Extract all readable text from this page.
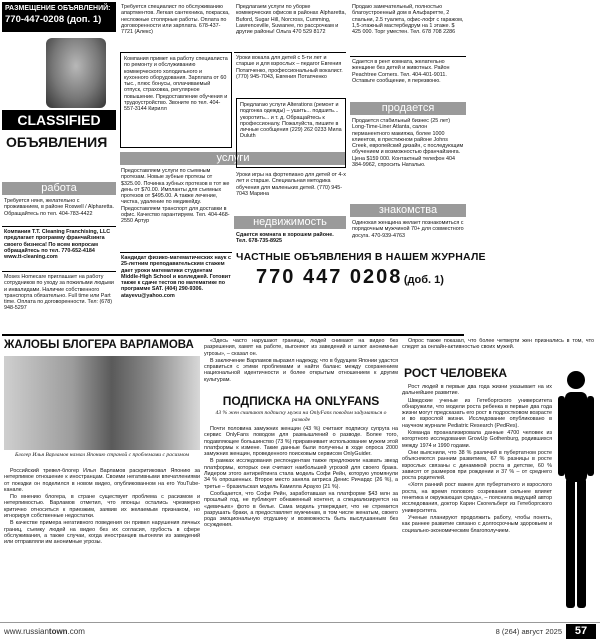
РАЗМЕЩЕНИЕ ОБЪЯВЛЕНИЙ:
770-447-0208 (доп. 1)
CLASSIFIED
ОБЪЯВЛЕНИЯ
работа
Требуется няня, желательно с проживанием, в районе Roswell / Alpharetta. Обращайтесь по тел. 404-783-4422
Компания T.T. Cleaning Franchising, LLC предлагает программу франчайзинга своего бизнеса! По всем вопросам обращайтесь по тел. 770-652-4184 www.tt-cleaning.com
Moses Homecare приглашает на работу сотрудников по уходу за пожилыми людьми и инвалидами. Наличие собственного транспорта обязательно. Full time или Part time. Оплата по договоренности. Тел: (678) 948-5297
Требуется специалист по обслуживанию апартментов. Легкая сантехника, покраска, несложные столярные работы. Оплата по договоренности или зарплата. 678-437-7721 (Алекс)
Компания примет на работу специалиста по ремонту и обслуживанию коммерческого холодильного и кухонного оборудования. Зарплата от 60 тыс., плюс бонусы, оплачиваемый отпуск, страховка, регулярное повышение. Предоставление обучения и трудоустройство. Звоните по тел. 404-557-3144 Кирилл
услуги
Предоставляем услуги по съемным протезам. Новые зубные протезы от $325.00. Починка зубных протезов в тот же день от $70.00. Импланты для съемных протезов от $495.00. А также лечение, чистка, удаление по медикейду. Предоставляем транспорт для доставки в офис. Качество гарантируем. Тел. 404-468-2550 Артур
Кандидат физико-математических наук с 25-летним преподавательским стажем дает уроки математики студентам Middle-High School и колледжей. Готовит также к сдаче тестов по математике по программе SAT. (404) 290-9306. atayevu@yahoo.com
Предлагаем услуги по уборке коммерческих офисов в районах Alpharetta, Buford, Sugar Hill, Norcross, Cumming, Lawrenceville, Suwanee, по рассрочкам и другие районы! Ольга 470 529 8172
Уроки вокала для детей с 5-ти лет и старше и для взрослых – педагог Евгения Потапченко, профессиональный вокалист. (770) 945-7043, Евгения Потапченко
Предлагаю услуги Alterations (ремонт и подгонка одежды) – ушить... подшить... укоротить... и т. д. Обращайтесь к профессионалу. Пожалуйста, пишите в личные сообщения (229) 262 0233 Мила Duluth
Уроки игры на фортепиано для детей от 4-х лет и старше. Специальная методика обучения для маленьких детей. (770) 945-7043 Марина
недвижимость
Сдается комната в хорошем районе. Тел. 678-735-8925
Продаю замечательный, полностью благоустроенный дом в Альфаретте, 2 спальни, 2.5 туалета, офис-лофт с гаражом, 1,5-этажный мастербедрум на 1 этаже. $ 425 000. Торг уместен. Тел. 678 708 2286
Сдается в рент комната, желательно женщине без детей и животных. Район Peachtree Corners. Тел. 404-401-9011. Оставьте сообщение, я перезвоню.
продается
Продается стабильный бизнес (25 лет) Long-Time-Liner Atlanta, салон перманентного макияжа, более 1000 клиентов, в престижном районе Johns Creek, европейский дизайн, с последующим обучением и возможностью франчайзинга. Цена $159 000. Контактный телефон 404 384-9962, спросить Наталью.
знакомства
Одинокая женщина желает познакомиться с порядочным мужчиной 70+ для совместного досуга. 470-939-4763
ЧАСТНЫЕ ОБЪЯВЛЕНИЯ В НАШЕМ ЖУРНАЛЕ
770 447 0208 (доб. 1)
ЖАЛОБЫ БЛОГЕРА ВАРЛАМОВА
Блогер Илья Варламов назвал Японию страной с проблемами с расизмом

Российский тревел-блогер Илья Варламов раскритиковал Японию за нетерпимое отношение к иностранцам. Своими негативными впечатлениями от поездки он поделился в новом видео, опубликованном на его YouTube-канале.

По мнению блогера, в стране существует проблема с расизмом и нетерпимостью. Варламов отметил, что японцы остались чрезмерно критично относиться к приезжим, заявив их желаемым признаком, но игнорируя собственные недостатки.

В качестве примера негативного поведения он привел нарушения личных границ, съемку людей на видео без их согласия, грубость в сфере обслуживания, а также случаи, когда иностранцев выгоняли из заведений или отправляли им анонимные угрозы.

«Здесь часто нарушают границы, людей снимают на видео без разрешения, хамят на работе, выгоняют из заведений и шлют анонимные угрозы», – сказал он.

В заключение Варламов выразил надежду, что в будущем Японии удастся справиться с этими проблемами и найти баланс между сохранением национальной идентичности и более открытым отношением к другим культурам.

ПОДПИСКА НА ONLYFANS
43 % жен считают подписку мужа на OnlyFans поводом задуматься о разводе

Почти половина замужних женщин (43 %) считают подписку супруга на сервис OnlyFans поводом для размышлений о разводе. Более того, подавляющее большинство (73 %) приравнивает использование мужем этой платформы к измене. Такие данные были получены в ходе опроса 2000 замужних женщин, проведенного поисковым сервисом OnlyGuider.

В рамках исследования респондентам также предложили назвать звезд платформы, которых они считают наибольшей угрозой для своего брака. Лидером этого антирейтинга стала модель Софи Рейн, которую упомянули 34 % опрошенных. Второе место заняла актриса Денис Ричардс (26 %), а третье – бразильская модель Камилла Араухо (21 %).

Сообщается, что Софи Рейн, заработавшая на платформе $43 млн за прошлый год, не публикует обнаженный контент, а специализируется на «девичьих» фото в белье. Сама модель утверждает, что не стремится разрушать браки, а предоставляет мужчинам, в том числе женатым, своего рода эмоциональную отдушину и возможность быть выслушанным без осуждения.

Опрос также показал, что более четверти жен признались в том, что следят за онлайн-активностью своих мужей.
РОСТ ЧЕЛОВЕКА

Рост людей в первые два года жизни указывает на их дальнейшее развитие.

Шведские ученые из Гетеборгского университета обнаружили, что модели роста ребенка в первые два года жизни могут предсказать его рост в подростковом возрасте и во взрослой жизни. Исследование опубликовано в научном журнале Pediatric Research (PedRes).

Команда проанализировала данные 4700 человек из когортного исследования GrowUp Gothenburg, родившихся между 1974 и 1990 годами.

Они выяснили, что 38 % различий в пубертатном росте объясняются ранним развитием, 67 % разницы в росте взрослых связаны с динамикой роста в детстве, 60 % зависят от размеров при рождении и 37 % – от среднего роста родителей.

«Хотя ранний рост важен для пубертатного и взрослого роста, на время полового созревания сильнее влияет генетика и окружающая среда», – пояснила ведущий автор исследования, доктор Карин Скогельберг из Гетеборгского университета.

Ученые планируют продолжить работу, чтобы понять, как раннее развитие связано с долгосрочным здоровьем и социально-экономическим благополучием.

www.russiantown.com	8 (264) август 2025	57
